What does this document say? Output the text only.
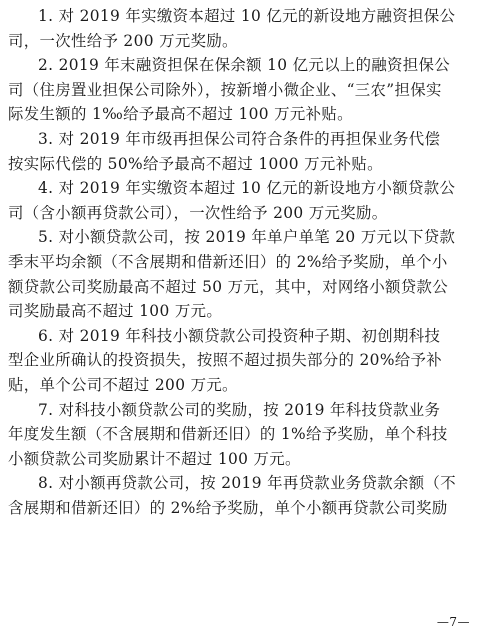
1. 对 2019 年实缴资本超过 10 亿元的新设地方融资担保公
司，一次性给予 200 万元奖励。
2. 2019 年末融资担保在保余额 10 亿元以上的融资担保公
司（住房置业担保公司除外），按新增小微企业、“三农”担保实
际发生额的 1‰给予最高不超过 100 万元补贴。
3. 对 2019 年市级再担保公司符合条件的再担保业务代偿
按实际代偿的 50%给予最高不超过 1000 万元补贴。
4. 对 2019 年实缴资本超过 10 亿元的新设地方小额贷款公
司（含小额再贷款公司），一次性给予 200 万元奖励。
5. 对小额贷款公司，按 2019 年单户单笔 20 万元以下贷款
季末平均余额（不含展期和借新还旧）的 2%给予奖励，单个小
额贷款公司奖励最高不超过 50 万元，其中，对网络小额贷款公
司奖励最高不超过 100 万元。
6. 对 2019 年科技小额贷款公司投资种子期、初创期科技
型企业所确认的投资损失，按照不超过损失部分的 20%给予补
贴，单个公司不超过 200 万元。
7. 对科技小额贷款公司的奖励，按 2019 年科技贷款业务
年度发生额（不含展期和借新还旧）的 1%给予奖励，单个科技
小额贷款公司奖励累计不超过 100 万元。
8. 对小额再贷款公司，按 2019 年再贷款业务贷款余额（不
含展期和借新还旧）的 2%给予奖励，单个小额再贷款公司奖励
—7—
